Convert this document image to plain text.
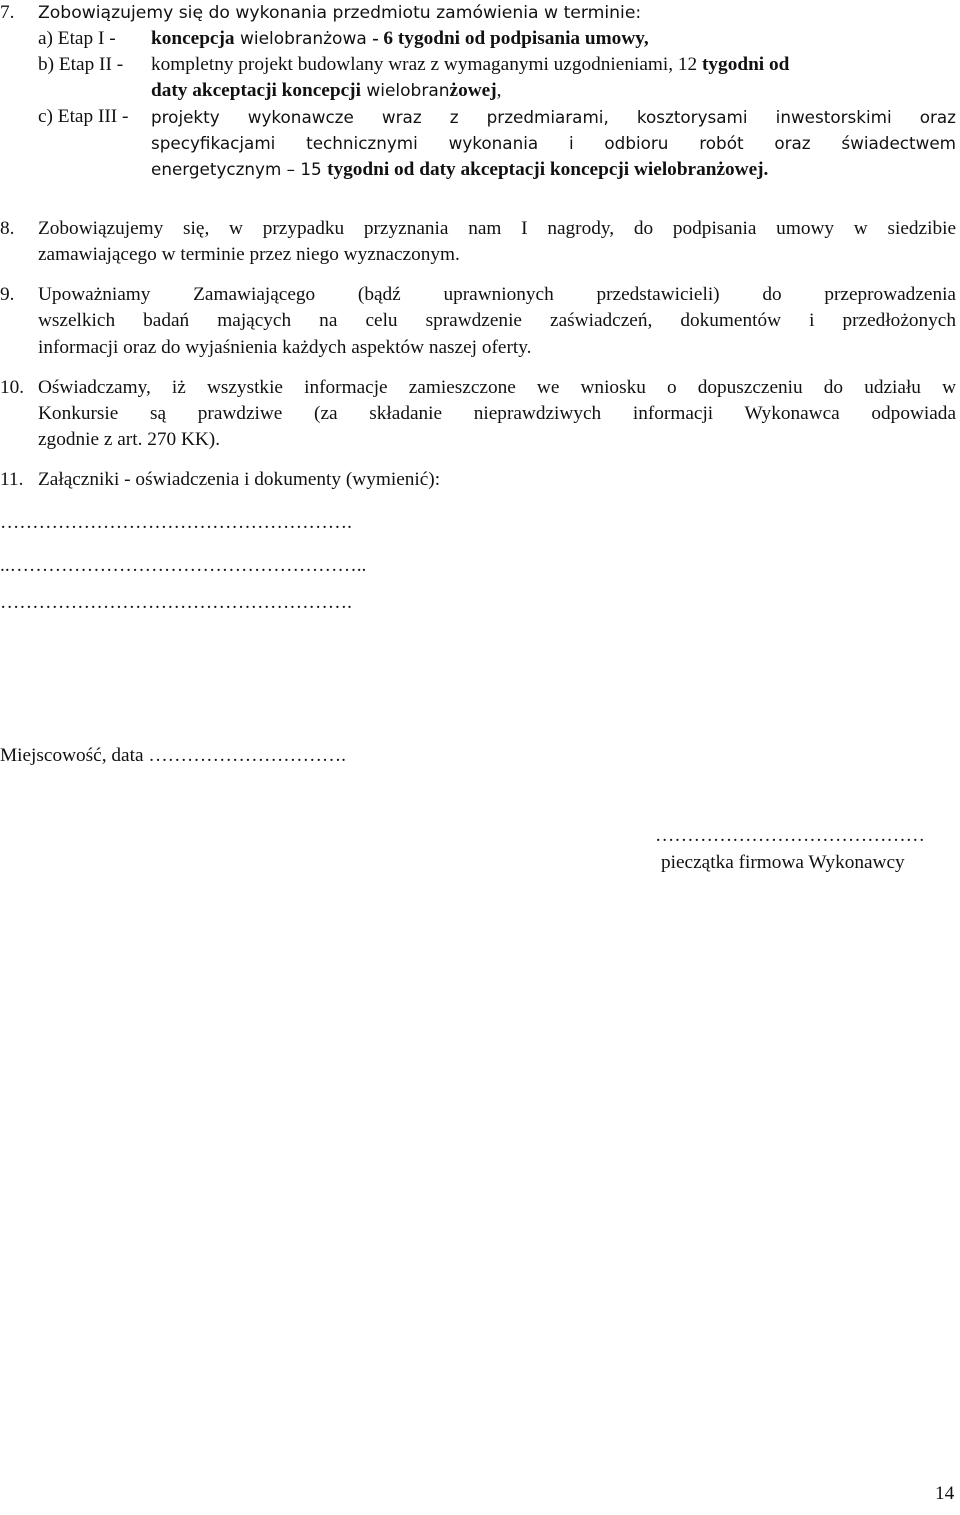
7. Zobowiązujemy się do wykonania przedmiotu zamówienia w terminie:
a) Etap I - koncepcja wielobranżowa - 6 tygodni od podpisania umowy,
b) Etap II - kompletny projekt budowlany wraz z wymaganymi uzgodnieniami, 12 tygodni od
daty akceptacji koncepcji wielobranżowej,
c) Etap III - projekty wykonawcze wraz z przedmiarami, kosztorysami inwestorskimi oraz
specyfikacjami technicznymi wykonania i odbioru robót oraz świadectwem
energetycznym – 15 tygodni od daty akceptacji koncepcji wielobranżowej.
8. Zobowiązujemy się, w przypadku przyznania nam I nagrody, do podpisania umowy w siedzibie
zamawiającego w terminie przez niego wyznaczonym.
9. Upoważniamy Zamawiającego (bądź uprawnionych przedstawicieli) do przeprowadzenia
wszelkich badań mających na celu sprawdzenie zaświadczeń, dokumentów i przedłożonych
informacji oraz do wyjaśnienia każdych aspektów naszej oferty.
10. Oświadczamy, iż wszystkie informacje zamieszczone we wniosku o dopuszczeniu do udziału w
Konkursie są prawdziwe (za składanie nieprawdziwych informacji Wykonawca odpowiada
zgodnie z art. 270 KK).
11. Załączniki - oświadczenia i dokumenty (wymienić):
……………………………………………….
..………………………………………………..
……………………………………………….
Miejscowość, data ………………………….
……………………………………
pieczątka firmowa Wykonawcy
14
